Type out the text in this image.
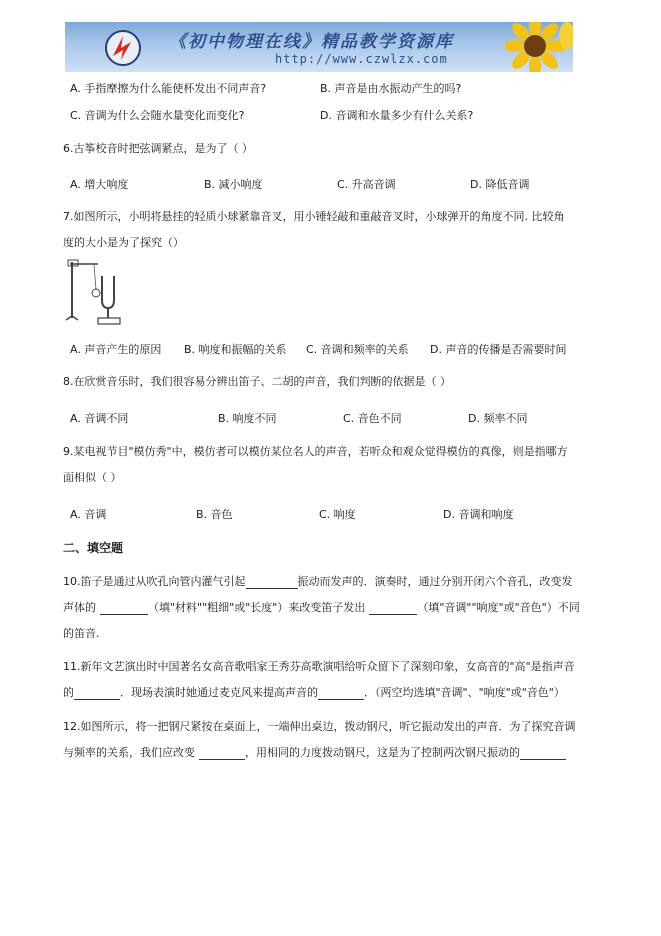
《初中物理在线》精品教学资源库
http://www.czwlzx.com
A. 手指摩擦为什么能使杯发出不同声音?	B. 声音是由水振动产生的吗?
C. 音调为什么会随水量变化而变化?	D. 音调和水量多少有什么关系?
6.古筝校音时把弦调紧点，是为了（ ）
A. 增大响度	B. 减小响度	C. 升高音调	D. 降低音调
7.如图所示，小明将悬挂的轻质小球紧靠音叉，用小锤轻敲和重敲音叉时，小球弹开的角度不同. 比较角
度的大小是为了探究（）
A. 声音产生的原因 B. 响度和振幅的关系 C. 音调和频率的关系 D. 声音的传播是否需要时间
8.在欣赏音乐时，我们很容易分辨出笛子、二胡的声音，我们判断的依据是（ ）
A. 音调不同	B. 响度不同	C. 音色不同	D. 频率不同
9.某电视节目"模仿秀"中，模仿者可以模仿某位名人的声音，若听众和观众觉得模仿的真像，则是指哪方
面相似（ ）
A. 音调	B. 音色	C. 响度	D. 音调和响度
二、填空题
10.笛子是通过从吹孔向管内灌气引起	振动而发声的．演奏时，通过分别开闭六个音孔，改变发
声体的	（填"材料""粗细"或"长度"）来改变笛子发出	（填"音调""响度"或"音色"）不同
的笛音.
11.新年文艺演出时中国著名女高音歌唱家王秀芬高歌演唱给听众留下了深刻印象，女高音的"高"是指声音
的	．现场表演时她通过麦克风来提高声音的	．（两空均选填"音调"、"响度"或"音色"）
12.如图所示，将一把钢尺紧按在桌面上，一端伸出桌边，拨动钢尺，听它振动发出的声音．为了探究音调
与频率的关系，我们应改变	，用相同的力度拨动钢尺，这是为了控制两次钢尺振动的
